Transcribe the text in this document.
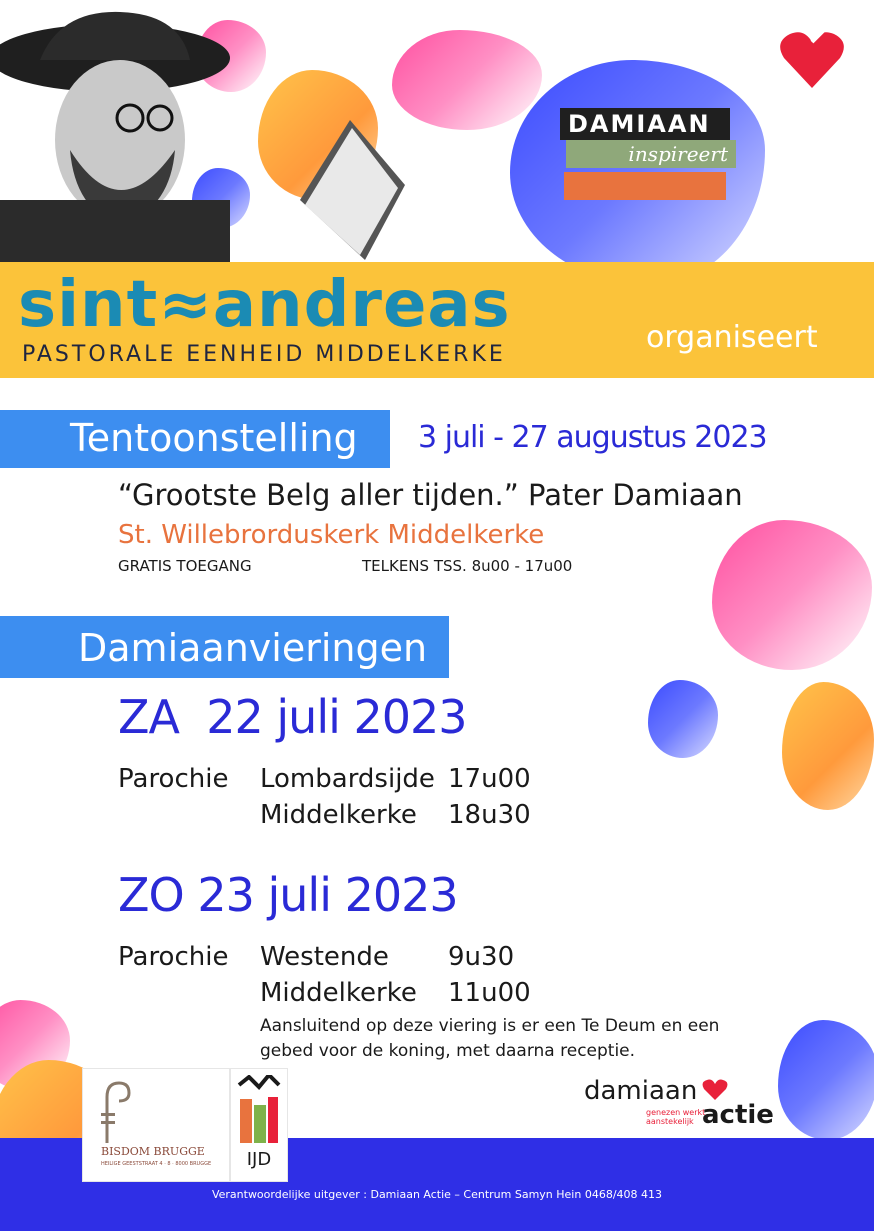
DAMIAAN
inspireert
sint≈andreas
PASTORALE EENHEID MIDDELKERKE	organiseert
Tentoonstelling 3 juli - 27 augustus 2023
“Grootste Belg aller tijden.” Pater Damiaan
St. Willebrorduskerk Middelkerke
GRATIS TOEGANG	TELKENS TSS. 8u00 - 17u00
Damiaanvieringen
ZA  22 juli 2023
Parochie Lombardsijde 17u00
Middelkerke 18u30
ZO 23 juli 2023
Parochie Westende 9u30
Middelkerke 11u00
Aansluitend op deze viering is er een Te Deum en een gebed voor de koning, met daarna receptie.
Verantwoordelijke uitgever : Damiaan Actie – Centrum Samyn Hein 0468/408 413
BISDOM BRUGGE
HEILIGE GEESTSTRAAT 4 · 8 · 8000 BRUGGE	IJD
damiaan
genezen werkt
aanstekelijk actie
